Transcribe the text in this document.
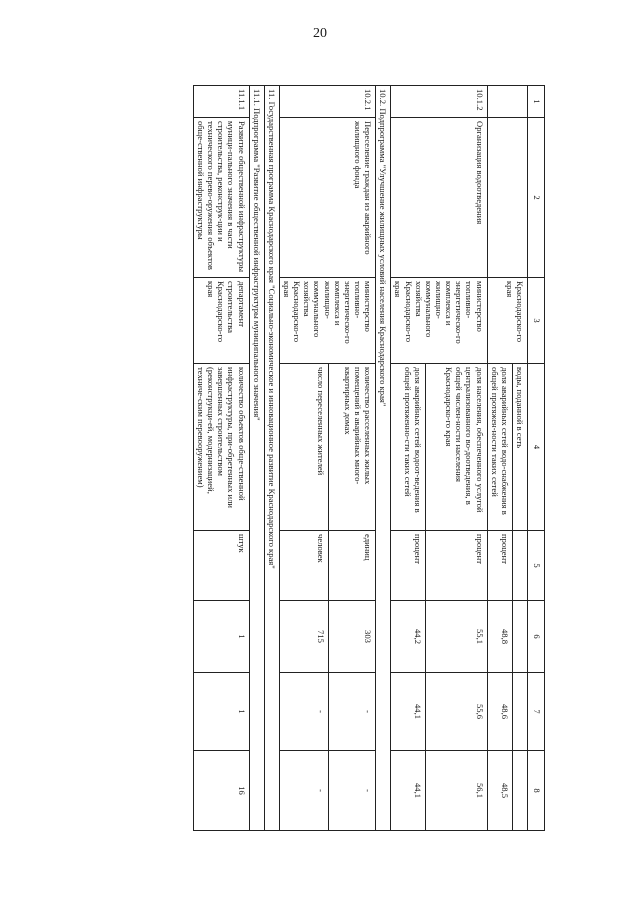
20
1	2	3	4	5	6	7	8
		Краснодарско-го края	воды, поданной в сеть				
			доля аварийных сетей водо-снабжения в общей протяжен-ности таких сетей	процент	48,8	48,6	48,5
10.1.2	Организация водоотведения	министерство топливно-энергетическо-го комплекса и жилищно-коммунального хозяйства Краснодарско-го края	доля населения, обеспеченного услугой централизованного во-доотведения, в общей числен-ности населения Краснодарско-го края	процент	55,1	55,6	56,1
			доля аварийных сетей водоот-ведения в общей протяженно-сти таких сетей	процент	44,2	44,1	44,1
10.2. Подпрограмма "Улучшение жилищных условий населения Краснодарского края"							
10.2.1	Переселение граждан из аварийного жилищного фонда	министерство топливно-энергетическо-го комплекса и жилищно-коммунального хозяйства Краснодарско-го края	количество расселенных жилых помещений в аварийных много-квартирных домах	единиц	303	-	-
			число переселенных жителей	человек	715	-	-
11. Государственная программа Краснодарского края "Социально-экономическое и инновационное развитие Краснодарского края"							
11.1. Подпрограмма "Развитие общественной инфраструктуры муниципального значения"							
11.1.1	Развитие общественной инфраструктуры муници-пального значения в части строительства, реконструк-ции и технического перево-оружения объектов обще-ственной инфраструктуры	департамент строительства Краснодарско-го края	количество объектов обще-ственной инфраструктуры, при-обретенных или завершенных строительством (реконструкци-ей, модернизацией, техниче-ским перевооружением)	штук	1	1	16
